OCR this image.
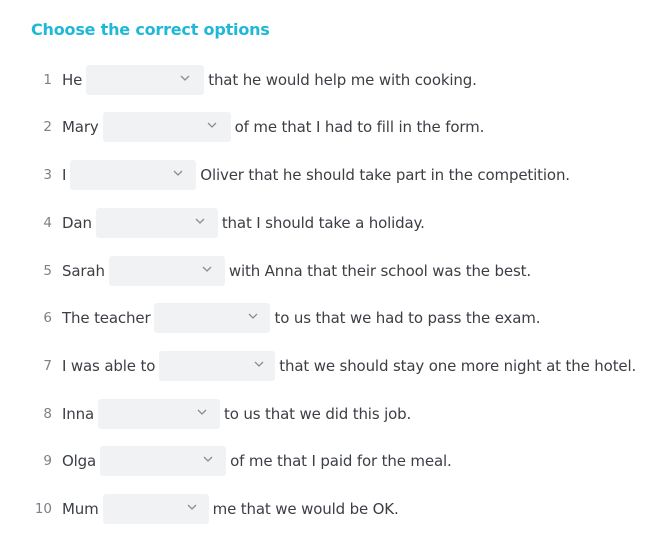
Choose the correct options
1 He	that he would help me with cooking.
2 Mary	of me that I had to fill in the form.
3 I	Oliver that he should take part in the competition.
4 Dan	that I should take a holiday.
5 Sarah	with Anna that their school was the best.
6 The teacher	to us that we had to pass the exam.
7 I was able to	that we should stay one more night at the hotel.
8 Inna	to us that we did this job.
9 Olga	of me that I paid for the meal.
10 Mum	me that we would be OK.
